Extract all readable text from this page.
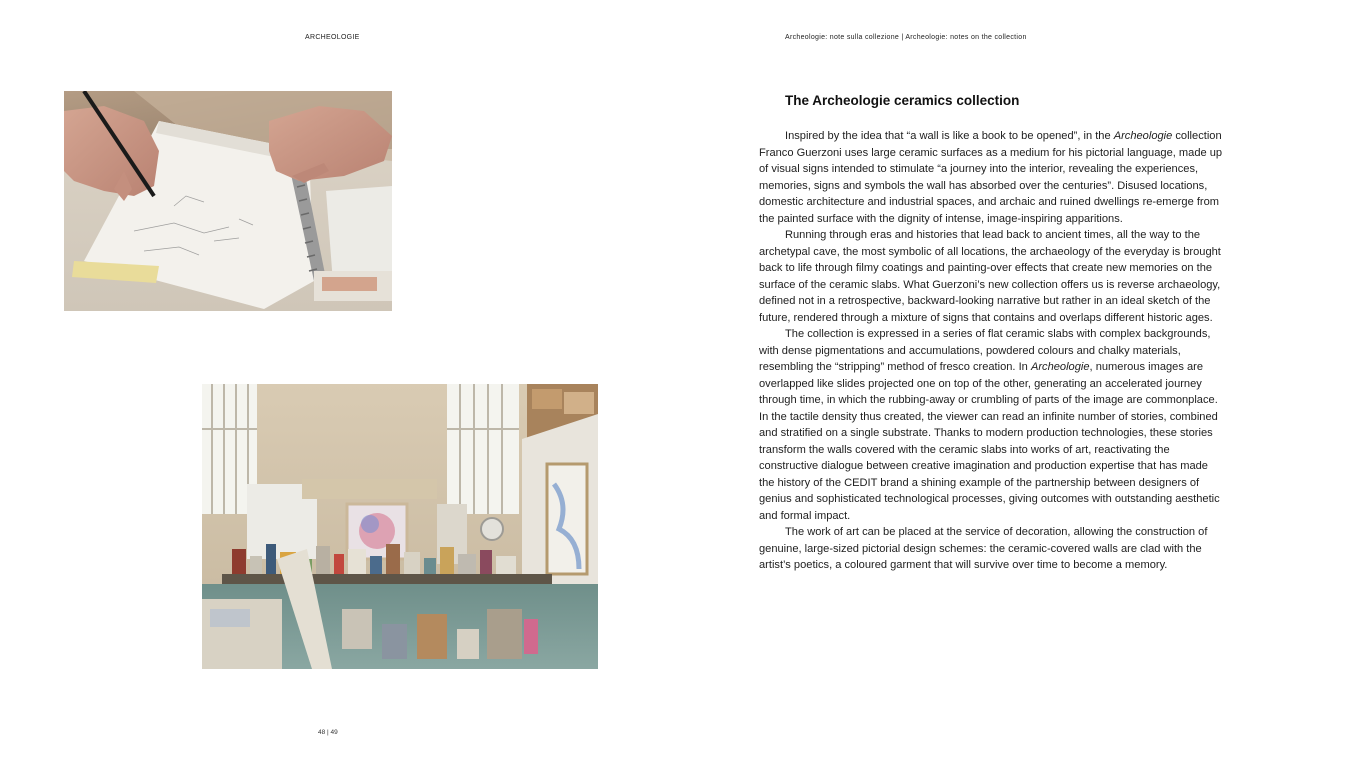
ARCHEOLOGIE	Archeologie: note sulla collezione | Archeologie: notes on the collection
48 | 49
The Archeologie ceramics collection

Inspired by the idea that “a wall is like a book to be opened”, in the Archeologie collection Franco Guerzoni uses large ceramic surfaces as a medium for his pictorial language, made up of visual signs intended to stimulate “a journey into the interior, revealing the experiences, memories, signs and symbols the wall has absorbed over the centuries”. Disused locations, domestic architecture and industrial spaces, and archaic and ruined dwellings re-emerge from the painted surface with the dignity of intense, image-inspiring apparitions.

Running through eras and histories that lead back to ancient times, all the way to the archetypal cave, the most symbolic of all locations, the archaeology of the everyday is brought back to life through filmy coatings and painting-over effects that create new memories on the surface of the ceramic slabs. What Guerzoni’s new collection offers us is reverse archaeology, defined not in a retrospective, backward-looking narrative but rather in an ideal sketch of the future, rendered through a mixture of signs that contains and overlaps different historic ages.

The collection is expressed in a series of flat ceramic slabs with complex backgrounds, with dense pigmentations and accumulations, powdered colours and chalky materials, resembling the “stripping” method of fresco creation. In Archeologie, numerous images are overlapped like slides projected one on top of the other, generating an accelerated journey through time, in which the rubbing-away or crumbling of parts of the image are commonplace. In the tactile density thus created, the viewer can read an infinite number of stories, combined and stratified on a single substrate. Thanks to modern production technologies, these stories transform the walls covered with the ceramic slabs into works of art, reactivating the constructive dialogue between creative imagination and production expertise that has made the history of the CEDIT brand a shining example of the partnership between designers of genius and sophisticated technological processes, giving outcomes with outstanding aesthetic and formal impact.

The work of art can be placed at the service of decoration, allowing the construction of genuine, large-sized pictorial design schemes: the ceramic-covered walls are clad with the artist’s poetics, a coloured garment that will survive over time to become a memory.
